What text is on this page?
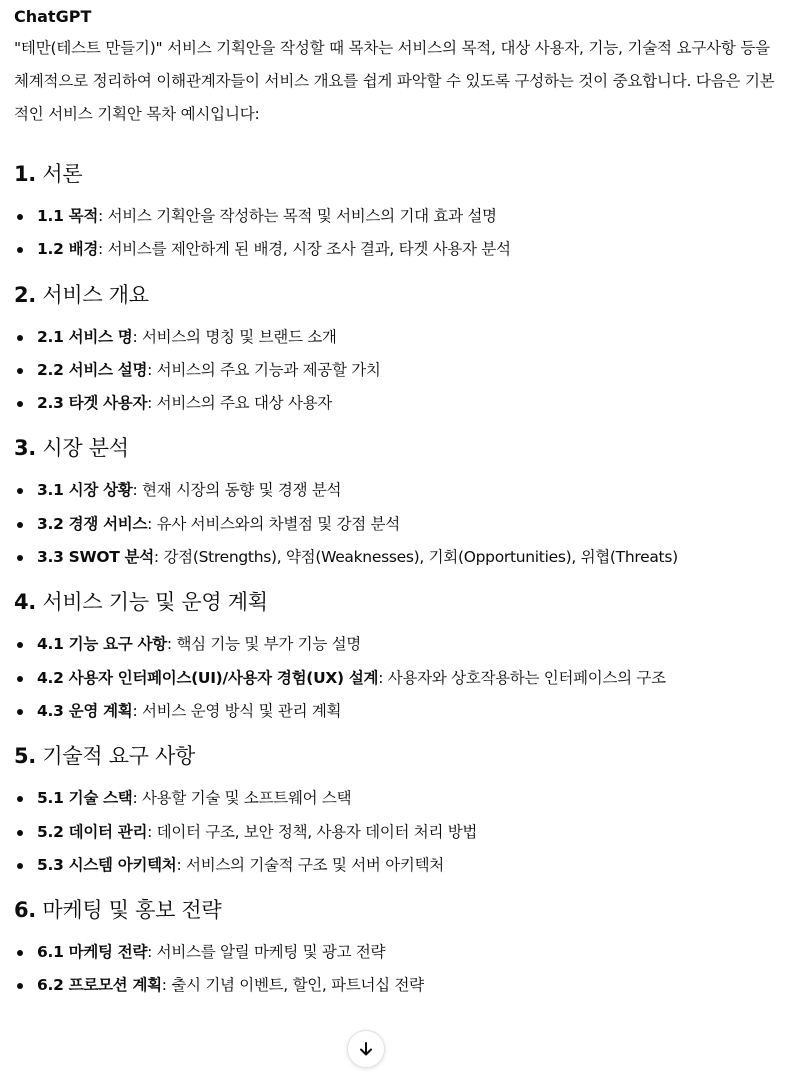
ChatGPT

"테만(테스트 만들기)" 서비스 기획안을 작성할 때 목차는 서비스의 목적, 대상 사용자, 기능, 기술적 요구사항 등을 체계적으로 정리하여 이해관계자들이 서비스 개요를 쉽게 파악할 수 있도록 구성하는 것이 중요합니다. 다음은 기본적인 서비스 기획안 목차 예시입니다:

1. 서론
1.1 목적: 서비스 기획안을 작성하는 목적 및 서비스의 기대 효과 설명
1.2 배경: 서비스를 제안하게 된 배경, 시장 조사 결과, 타겟 사용자 분석
2. 서비스 개요
2.1 서비스 명: 서비스의 명칭 및 브랜드 소개
2.2 서비스 설명: 서비스의 주요 기능과 제공할 가치
2.3 타겟 사용자: 서비스의 주요 대상 사용자
3. 시장 분석
3.1 시장 상황: 현재 시장의 동향 및 경쟁 분석
3.2 경쟁 서비스: 유사 서비스와의 차별점 및 강점 분석
3.3 SWOT 분석: 강점(Strengths), 약점(Weaknesses), 기회(Opportunities), 위협(Threats)
4. 서비스 기능 및 운영 계획
4.1 기능 요구 사항: 핵심 기능 및 부가 기능 설명
4.2 사용자 인터페이스(UI)/사용자 경험(UX) 설계: 사용자와 상호작용하는 인터페이스의 구조
4.3 운영 계획: 서비스 운영 방식 및 관리 계획
5. 기술적 요구 사항
5.1 기술 스택: 사용할 기술 및 소프트웨어 스택
5.2 데이터 관리: 데이터 구조, 보안 정책, 사용자 데이터 처리 방법
5.3 시스템 아키텍처: 서비스의 기술적 구조 및 서버 아키텍처
6. 마케팅 및 홍보 전략
6.1 마케팅 전략: 서비스를 알릴 마케팅 및 광고 전략
6.2 프로모션 계획: 출시 기념 이벤트, 할인, 파트너십 전략
